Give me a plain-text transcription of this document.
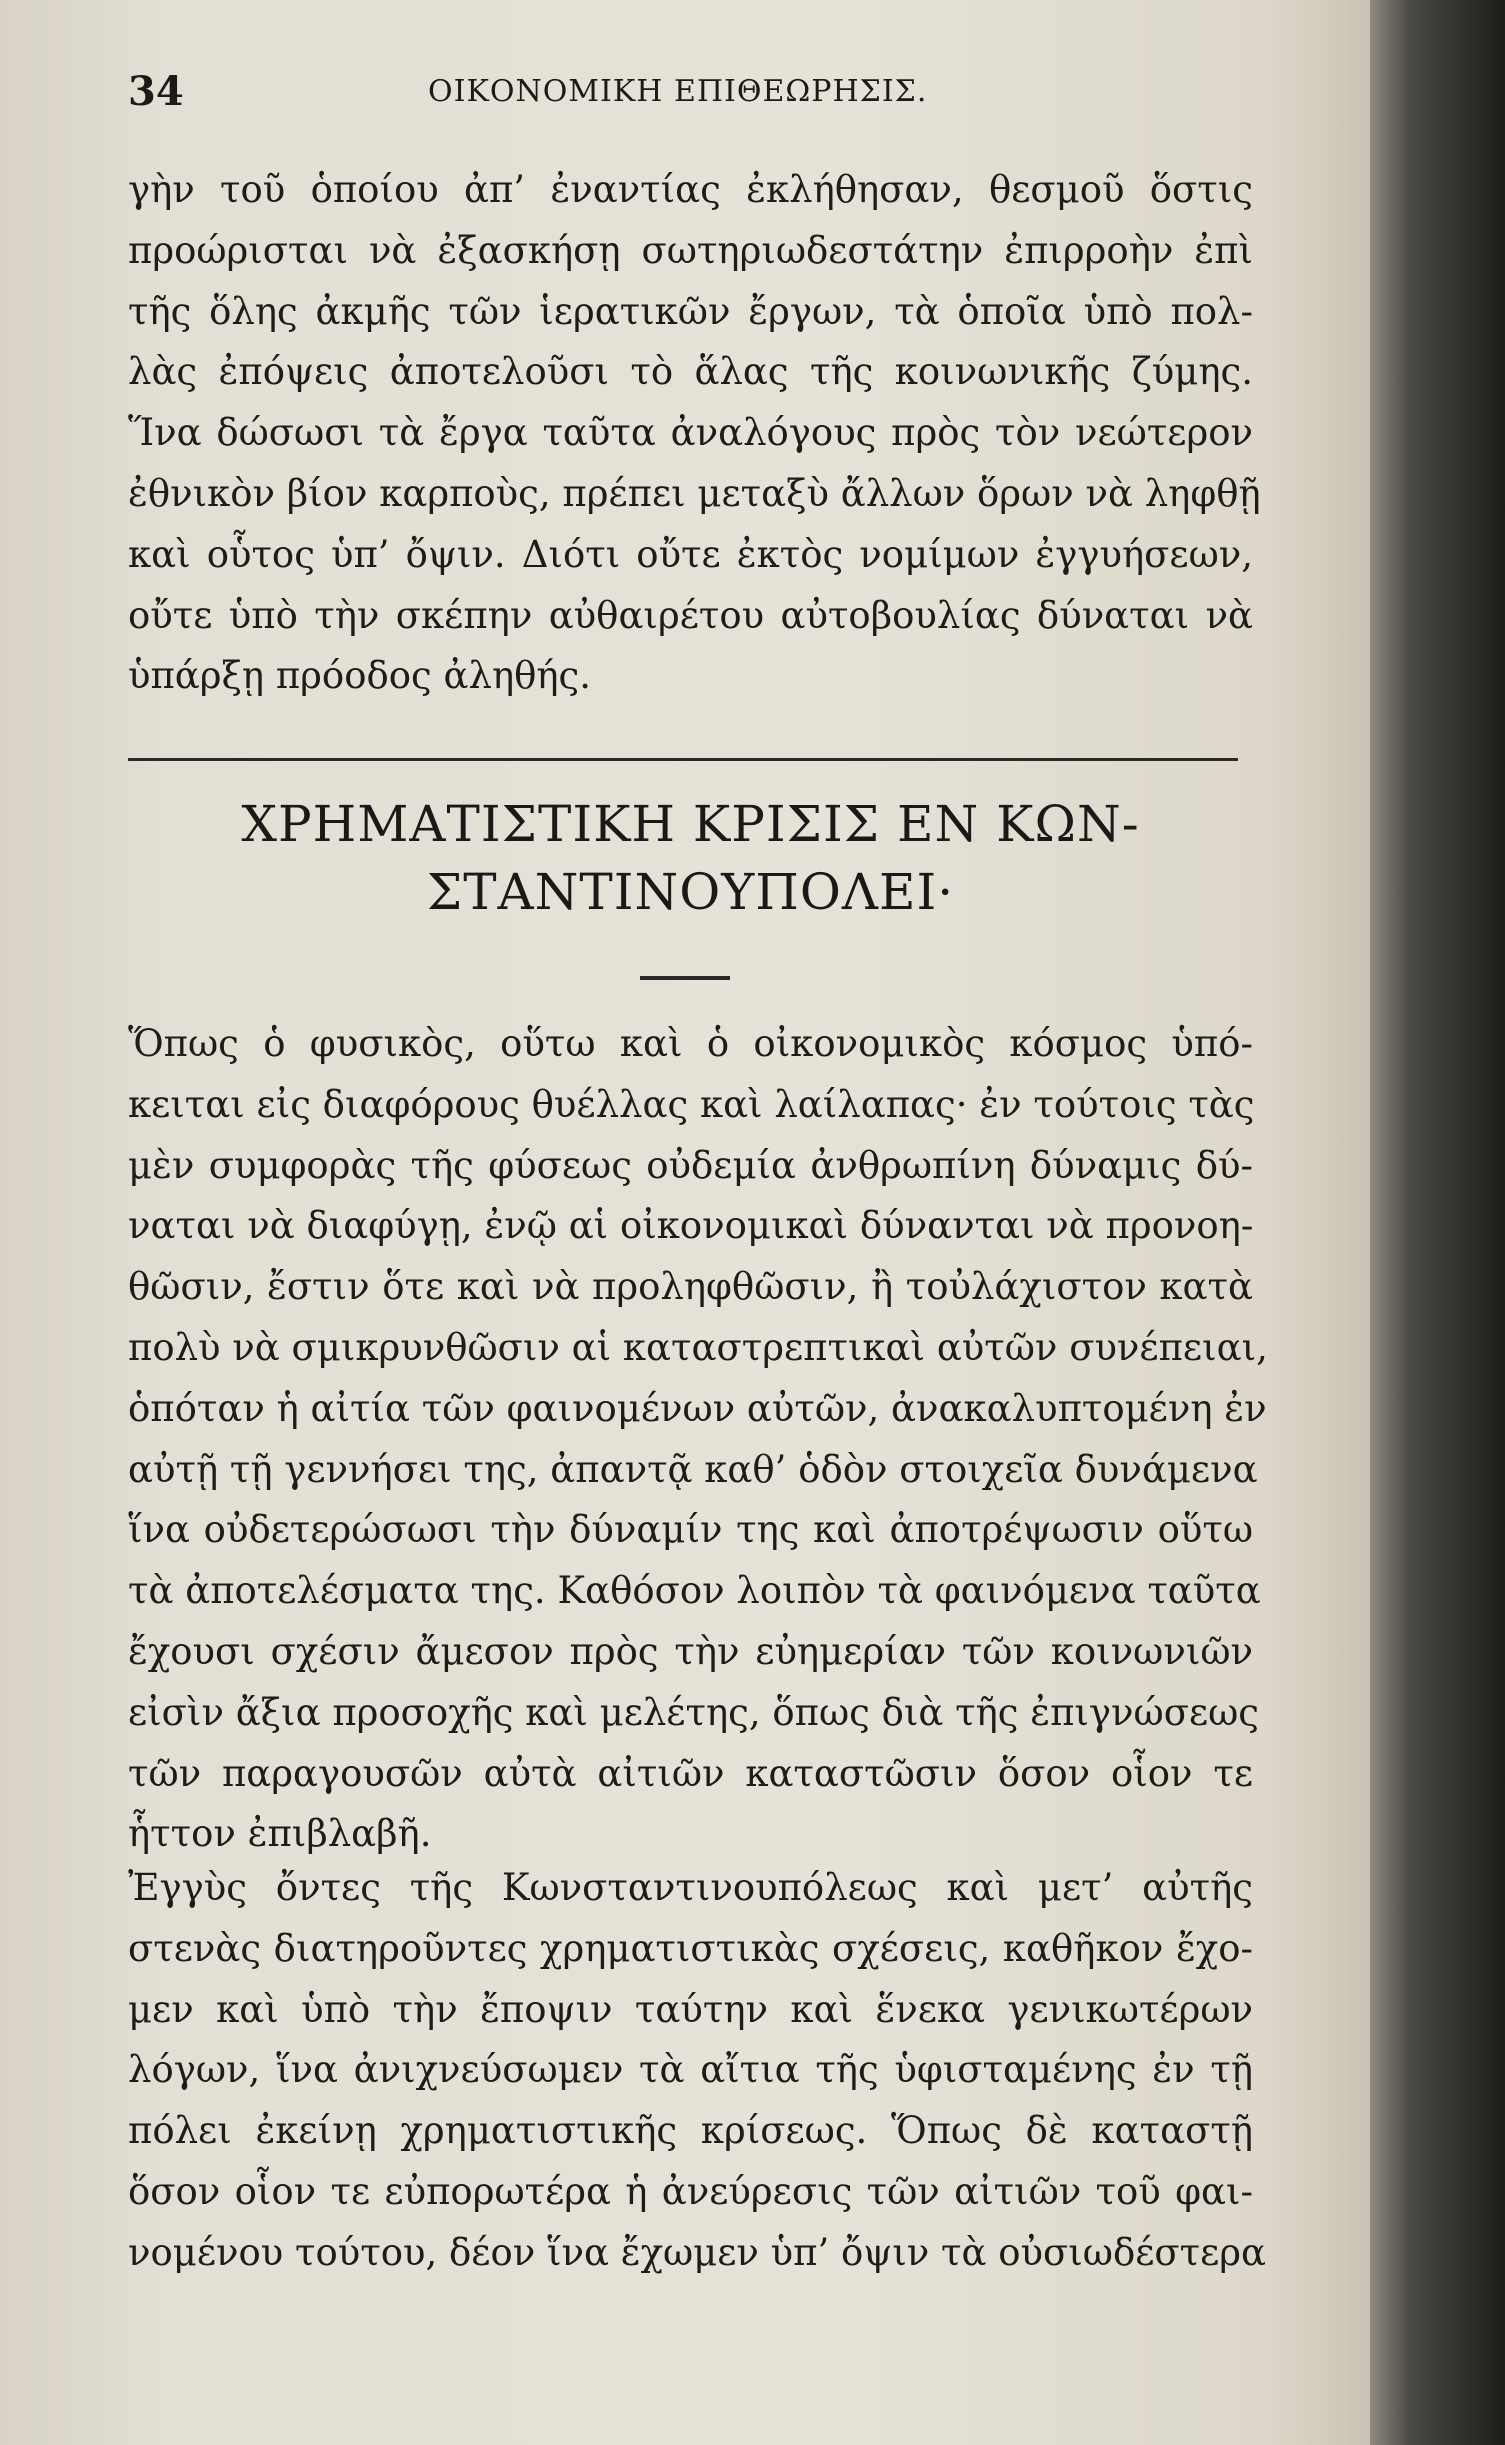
34	ΟΙΚΟΝΟΜΙΚΗ ΕΠΙΘΕΩΡΗΣΙΣ.
γὴν τοῦ ὁποίου ἀπ’ ἐναντίας ἐκλήθησαν, θεσμοῦ ὅστις
προώρισται νὰ ἐξασκήσῃ σωτηριωδεστάτην ἐπιρροὴν ἐπὶ
τῆς ὅλης ἀκμῆς τῶν ἱερατικῶν ἔργων, τὰ ὁποῖα ὑπὸ πολ-
λὰς ἐπόψεις ἀποτελοῦσι τὸ ἅλας τῆς κοινωνικῆς ζύμης.
Ἵνα δώσωσι τὰ ἔργα ταῦτα ἀναλόγους πρὸς τὸν νεώτερον
ἐθνικὸν βίον καρποὺς, πρέπει μεταξὺ ἄλλων ὅρων νὰ ληφθῇ
καὶ οὗτος ὑπ’ ὄψιν. Διότι οὔτε ἐκτὸς νομίμων ἐγγυήσεων,
οὔτε ὑπὸ τὴν σκέπην αὐθαιρέτου αὐτοβουλίας δύναται νὰ
ὑπάρξῃ πρόοδος ἀληθής.
ΧΡΗΜΑΤΙΣΤΙΚΗ ΚΡΙΣΙΣ ΕΝ ΚΩΝ-
ΣΤΑΝΤΙΝΟΥΠΟΛΕΙ·
Ὅπως ὁ φυσικὸς, οὕτω καὶ ὁ οἰκονομικὸς κόσμος ὑπό-
κειται εἰς διαφόρους θυέλλας καὶ λαίλαπας· ἐν τούτοις τὰς
μὲν συμφορὰς τῆς φύσεως οὐδεμία ἀνθρωπίνη δύναμις δύ-
ναται νὰ διαφύγῃ, ἐνῷ αἱ οἰκονομικαὶ δύνανται νὰ προνοη-
θῶσιν, ἔστιν ὅτε καὶ νὰ προληφθῶσιν, ἢ τοὐλάχιστον κατὰ
πολὺ νὰ σμικρυνθῶσιν αἱ καταστρεπτικαὶ αὐτῶν συνέπειαι,
ὁπόταν ἡ αἰτία τῶν φαινομένων αὐτῶν, ἀνακαλυπτομένη ἐν
αὐτῇ τῇ γεννήσει της, ἀπαντᾷ καθ’ ὁδὸν στοιχεῖα δυνάμενα
ἵνα οὐδετερώσωσι τὴν δύναμίν της καὶ ἀποτρέψωσιν οὕτω
τὰ ἀποτελέσματα της. Καθόσον λοιπὸν τὰ φαινόμενα ταῦτα
ἔχουσι σχέσιν ἄμεσον πρὸς τὴν εὐημερίαν τῶν κοινωνιῶν
εἰσὶν ἄξια προσοχῆς καὶ μελέτης, ὅπως διὰ τῆς ἐπιγνώσεως
τῶν παραγουσῶν αὐτὰ αἰτιῶν καταστῶσιν ὅσον οἷον τε
ἧττον ἐπιβλαβῆ.
Ἐγγὺς ὄντες τῆς Κωνσταντινουπόλεως καὶ μετ’ αὐτῆς
στενὰς διατηροῦντες χρηματιστικὰς σχέσεις, καθῆκον ἔχο-
μεν καὶ ὑπὸ τὴν ἔποψιν ταύτην καὶ ἕνεκα γενικωτέρων
λόγων, ἵνα ἀνιχνεύσωμεν τὰ αἴτια τῆς ὑφισταμένης ἐν τῇ
πόλει ἐκείνῃ χρηματιστικῆς κρίσεως. Ὅπως δὲ καταστῇ
ὅσον οἷον τε εὐπορωτέρα ἡ ἀνεύρεσις τῶν αἰτιῶν τοῦ φαι-
νομένου τούτου, δέον ἵνα ἔχωμεν ὑπ’ ὄψιν τὰ οὐσιωδέστερα
